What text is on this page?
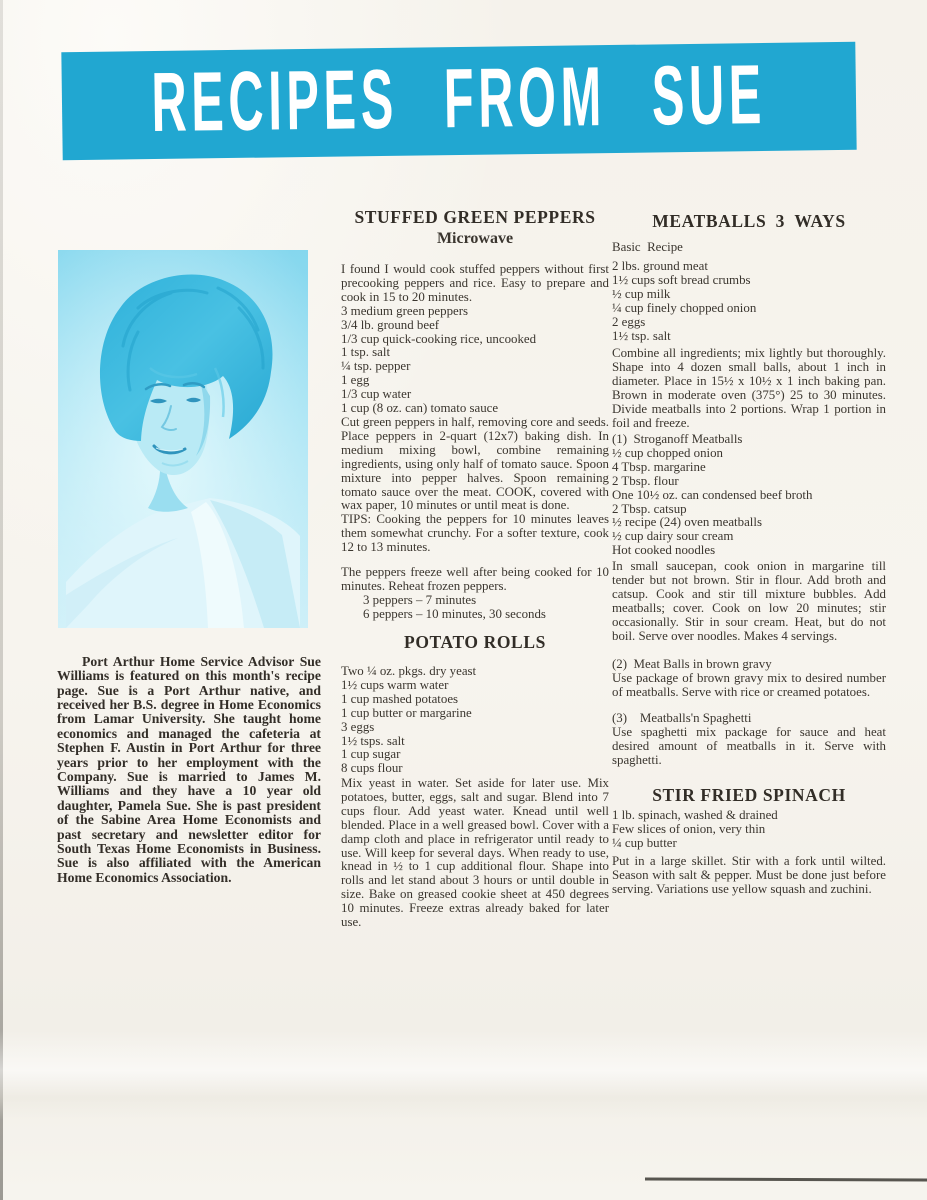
RECIPES FROM SUE

Port Arthur Home Service Advisor Sue Williams is featured on this month's recipe page. Sue is a Port Arthur native, and received her B.S. degree in Home Economics from Lamar University. She taught home economics and managed the cafeteria at Stephen F. Austin in Port Arthur for three years prior to her employment with the Company. Sue is married to James M. Williams and they have a 10 year old daughter, Pamela Sue. She is past president of the Sabine Area Home Economists and past secretary and newsletter editor for South Texas Home Economists in Business. Sue is also affiliated with the American Home Economics Association.

STUFFED GREEN PEPPERS
Microwave

I found I would cook stuffed peppers without first precooking peppers and rice. Easy to prepare and cook in 15 to 20 minutes.

3 medium green peppers
3/4 lb. ground beef
1/3 cup quick-cooking rice, uncooked
1 tsp. salt
¼ tsp. pepper
1 egg
1/3 cup water
1 cup (8 oz. can) tomato sauce

Cut green peppers in half, removing core and seeds. Place peppers in 2-quart (12x7) baking dish. In medium mixing bowl, combine remaining ingredients, using only half of tomato sauce. Spoon mixture into pepper halves. Spoon remaining tomato sauce over the meat. COOK, covered with wax paper, 10 minutes or until meat is done.

TIPS: Cooking the peppers for 10 minutes leaves them somewhat crunchy. For a softer texture, cook 12 to 13 minutes.

The peppers freeze well after being cooked for 10 minutes. Reheat frozen peppers.

3 peppers – 7 minutes
6 peppers – 10 minutes, 30 seconds
POTATO ROLLS
Two ¼ oz. pkgs. dry yeast
1½ cups warm water
1 cup mashed potatoes
1 cup butter or margarine
3 eggs
1½ tsps. salt
1 cup sugar
8 cups flour

Mix yeast in water. Set aside for later use. Mix potatoes, butter, eggs, salt and sugar. Blend into 7 cups flour. Add yeast water. Knead until well blended. Place in a well greased bowl. Cover with a damp cloth and place in refrigerator until ready to use. Will keep for several days. When ready to use, knead in ½ to 1 cup additional flour. Shape into rolls and let stand about 3 hours or until double in size. Bake on greased cookie sheet at 450 degrees 10 minutes. Freeze extras already baked for later use.

MEATBALLS 3 WAYS
Basic Recipe
2 lbs. ground meat
1½ cups soft bread crumbs
½ cup milk
¼ cup finely chopped onion
2 eggs
1½ tsp. salt

Combine all ingredients; mix lightly but thoroughly. Shape into 4 dozen small balls, about 1 inch in diameter. Place in 15½ x 10½ x 1 inch baking pan. Brown in moderate oven (375°) 25 to 30 minutes. Divide meatballs into 2 portions. Wrap 1 portion in foil and freeze.

(1) Stroganoff Meatballs
½ cup chopped onion
4 Tbsp. margarine
2 Tbsp. flour
One 10½ oz. can condensed beef broth
2 Tbsp. catsup
½ recipe (24) oven meatballs
½ cup dairy sour cream
Hot cooked noodles

In small saucepan, cook onion in margarine till tender but not brown. Stir in flour. Add broth and catsup. Cook and stir till mixture bubbles. Add meatballs; cover. Cook on low 20 minutes; stir occasionally. Stir in sour cream. Heat, but do not boil. Serve over noodles. Makes 4 servings.

(2) Meat Balls in brown gravy

Use package of brown gravy mix to desired number of meatballs. Serve with rice or creamed potatoes.

(3) Meatballs'n Spaghetti

Use spaghetti mix package for sauce and heat desired amount of meatballs in it. Serve with spaghetti.

STIR FRIED SPINACH
1 lb. spinach, washed & drained
Few slices of onion, very thin
¼ cup butter

Put in a large skillet. Stir with a fork until wilted. Season with salt & pepper. Must be done just before serving. Variations use yellow squash and zuchini.
